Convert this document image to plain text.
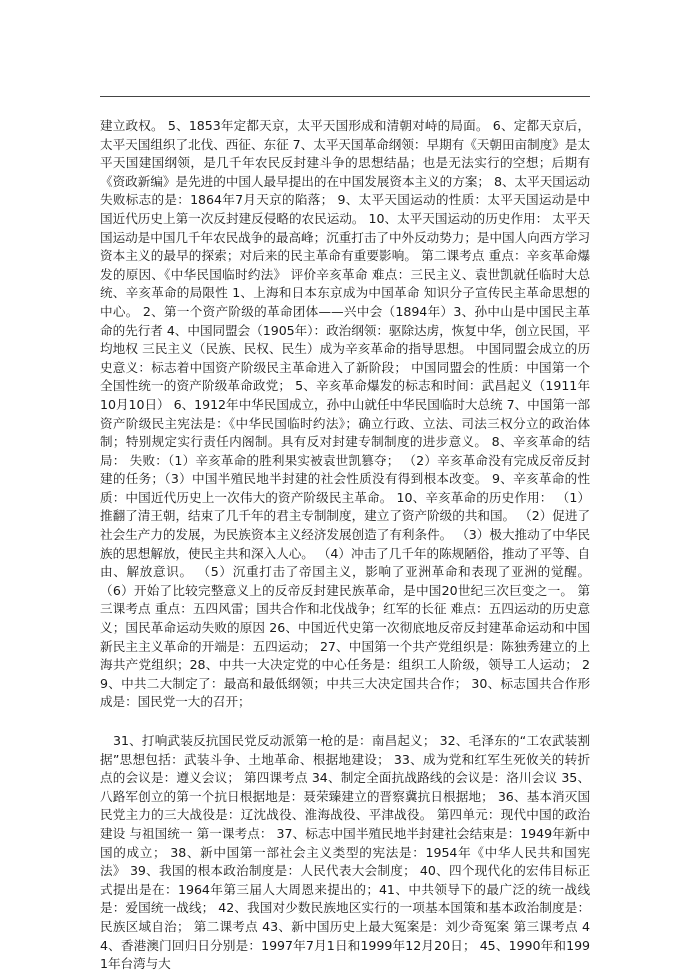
建立政权。 5、1853年定都天京，太平天国形成和清朝对峙的局面。 6、定都天京后，太平天国组织了北伐、西征、东征 7、太平天国革命纲领：早期有《天朝田亩制度》是太平天国建国纲领，是几千年农民反封建斗争的思想结晶；也是无法实行的空想；后期有《资政新编》是先进的中国人最早提出的在中国发展资本主义的方案； 8、太平天国运动失败标志的是：1864年7月天京的陷落； 9、太平天国运动的性质：太平天国运动是中国近代历史上第一次反封建反侵略的农民运动。 10、太平天国运动的历史作用： 太平天国运动是中国几千年农民战争的最高峰；沉重打击了中外反动势力；是中国人向西方学习资本主义的最早的探索；对后来的民主革命有重要影响。 第二课考点 重点：辛亥革命爆发的原因、《中华民国临时约法》 评价辛亥革命 难点：三民主义、袁世凯就任临时大总统、辛亥革命的局限性 1、上海和日本东京成为中国革命 知识分子宣传民主革命思想的中心。 2、第一个资产阶级的革命团体——兴中会（1894年）3、孙中山是中国民主革命的先行者 4、中国同盟会（1905年）：政治纲领：驱除达虏，恢复中华，创立民国，平均地权 三民主义（民族、民权、民生）成为辛亥革命的指导思想。 中国同盟会成立的历史意义：标志着中国资产阶级民主革命进入了新阶段； 中国同盟会的性质：中国第一个全国性统一的资产阶级革命政党； 5、辛亥革命爆发的标志和时间：武昌起义（1911年10月10日） 6、1912年中华民国成立，孙中山就任中华民国临时大总统 7、中国第一部资产阶级民主宪法是：《中华民国临时约法》；确立行政、立法、司法三权分立的政治体制；特别规定实行责任内阁制。具有反对封建专制制度的进步意义。 8、辛亥革命的结局： 失败：（1）辛亥革命的胜利果实被袁世凯篡夺； （2）辛亥革命没有完成反帝反封建的任务；（3）中国半殖民地半封建的社会性质没有得到根本改变。 9、辛亥革命的性质：中国近代历史上一次伟大的资产阶级民主革命。 10、辛亥革命的历史作用： （1）推翻了清王朝，结束了几千年的君主专制制度，建立了资产阶级的共和国。 （2）促进了社会生产力的发展，为民族资本主义经济发展创造了有利条件。 （3）极大推动了中华民族的思想解放，使民主共和深入人心。 （4）冲击了几千年的陈规陋俗，推动了平等、自由、解放意识。 （5）沉重打击了帝国主义，影响了亚洲革命和表现了亚洲的觉醒。 （6）开始了比较完整意义上的反帝反封建民族革命，是中国20世纪三次巨变之一。 第三课考点 重点：五四风雷；国共合作和北伐战争；红军的长征 难点：五四运动的历史意义；国民革命运动失败的原因 26、中国近代史第一次彻底地反帝反封建革命运动和中国新民主主义革命的开端是：五四运动； 27、中国第一个共产党组织是：陈独秀建立的上海共产党组织；28、中共一大决定党的中心任务是：组织工人阶级，领导工人运动； 29、中共二大制定了：最高和最低纲领；中共三大决定国共合作； 30、标志国共合作形成是：国民党一大的召开；

31、打响武装反抗国民党反动派第一枪的是：南昌起义； 32、毛泽东的“工农武装割据”思想包括：武装斗争、土地革命、根据地建设； 33、成为党和红军生死攸关的转折点的会议是：遵义会议； 第四课考点 34、制定全面抗战路线的会议是：洛川会议 35、八路军创立的第一个抗日根据地是：聂荣臻建立的晋察冀抗日根据地； 36、基本消灭国民党主力的三大战役是：辽沈战役、淮海战役、平津战役。 第四单元：现代中国的政治建设 与祖国统一 第一课考点： 37、标志中国半殖民地半封建社会结束是：1949年新中国的成立； 38、新中国第一部社会主义类型的宪法是：1954年《中华人民共和国宪法》 39、我国的根本政治制度是：人民代表大会制度； 40、四个现代化的宏伟目标正式提出是在：1964年第三届人大周恩来提出的；41、中共领导下的最广泛的统一战线是：爱国统一战线； 42、我国对少数民族地区实行的一项基本国策和基本政治制度是：民族区域自治； 第二课考点 43、新中国历史上最大冤案是：刘少奇冤案 第三课考点 44、香港澳门回归日分别是：1997年7月1日和1999年12月20日； 45、1990年和1991年台湾与大
